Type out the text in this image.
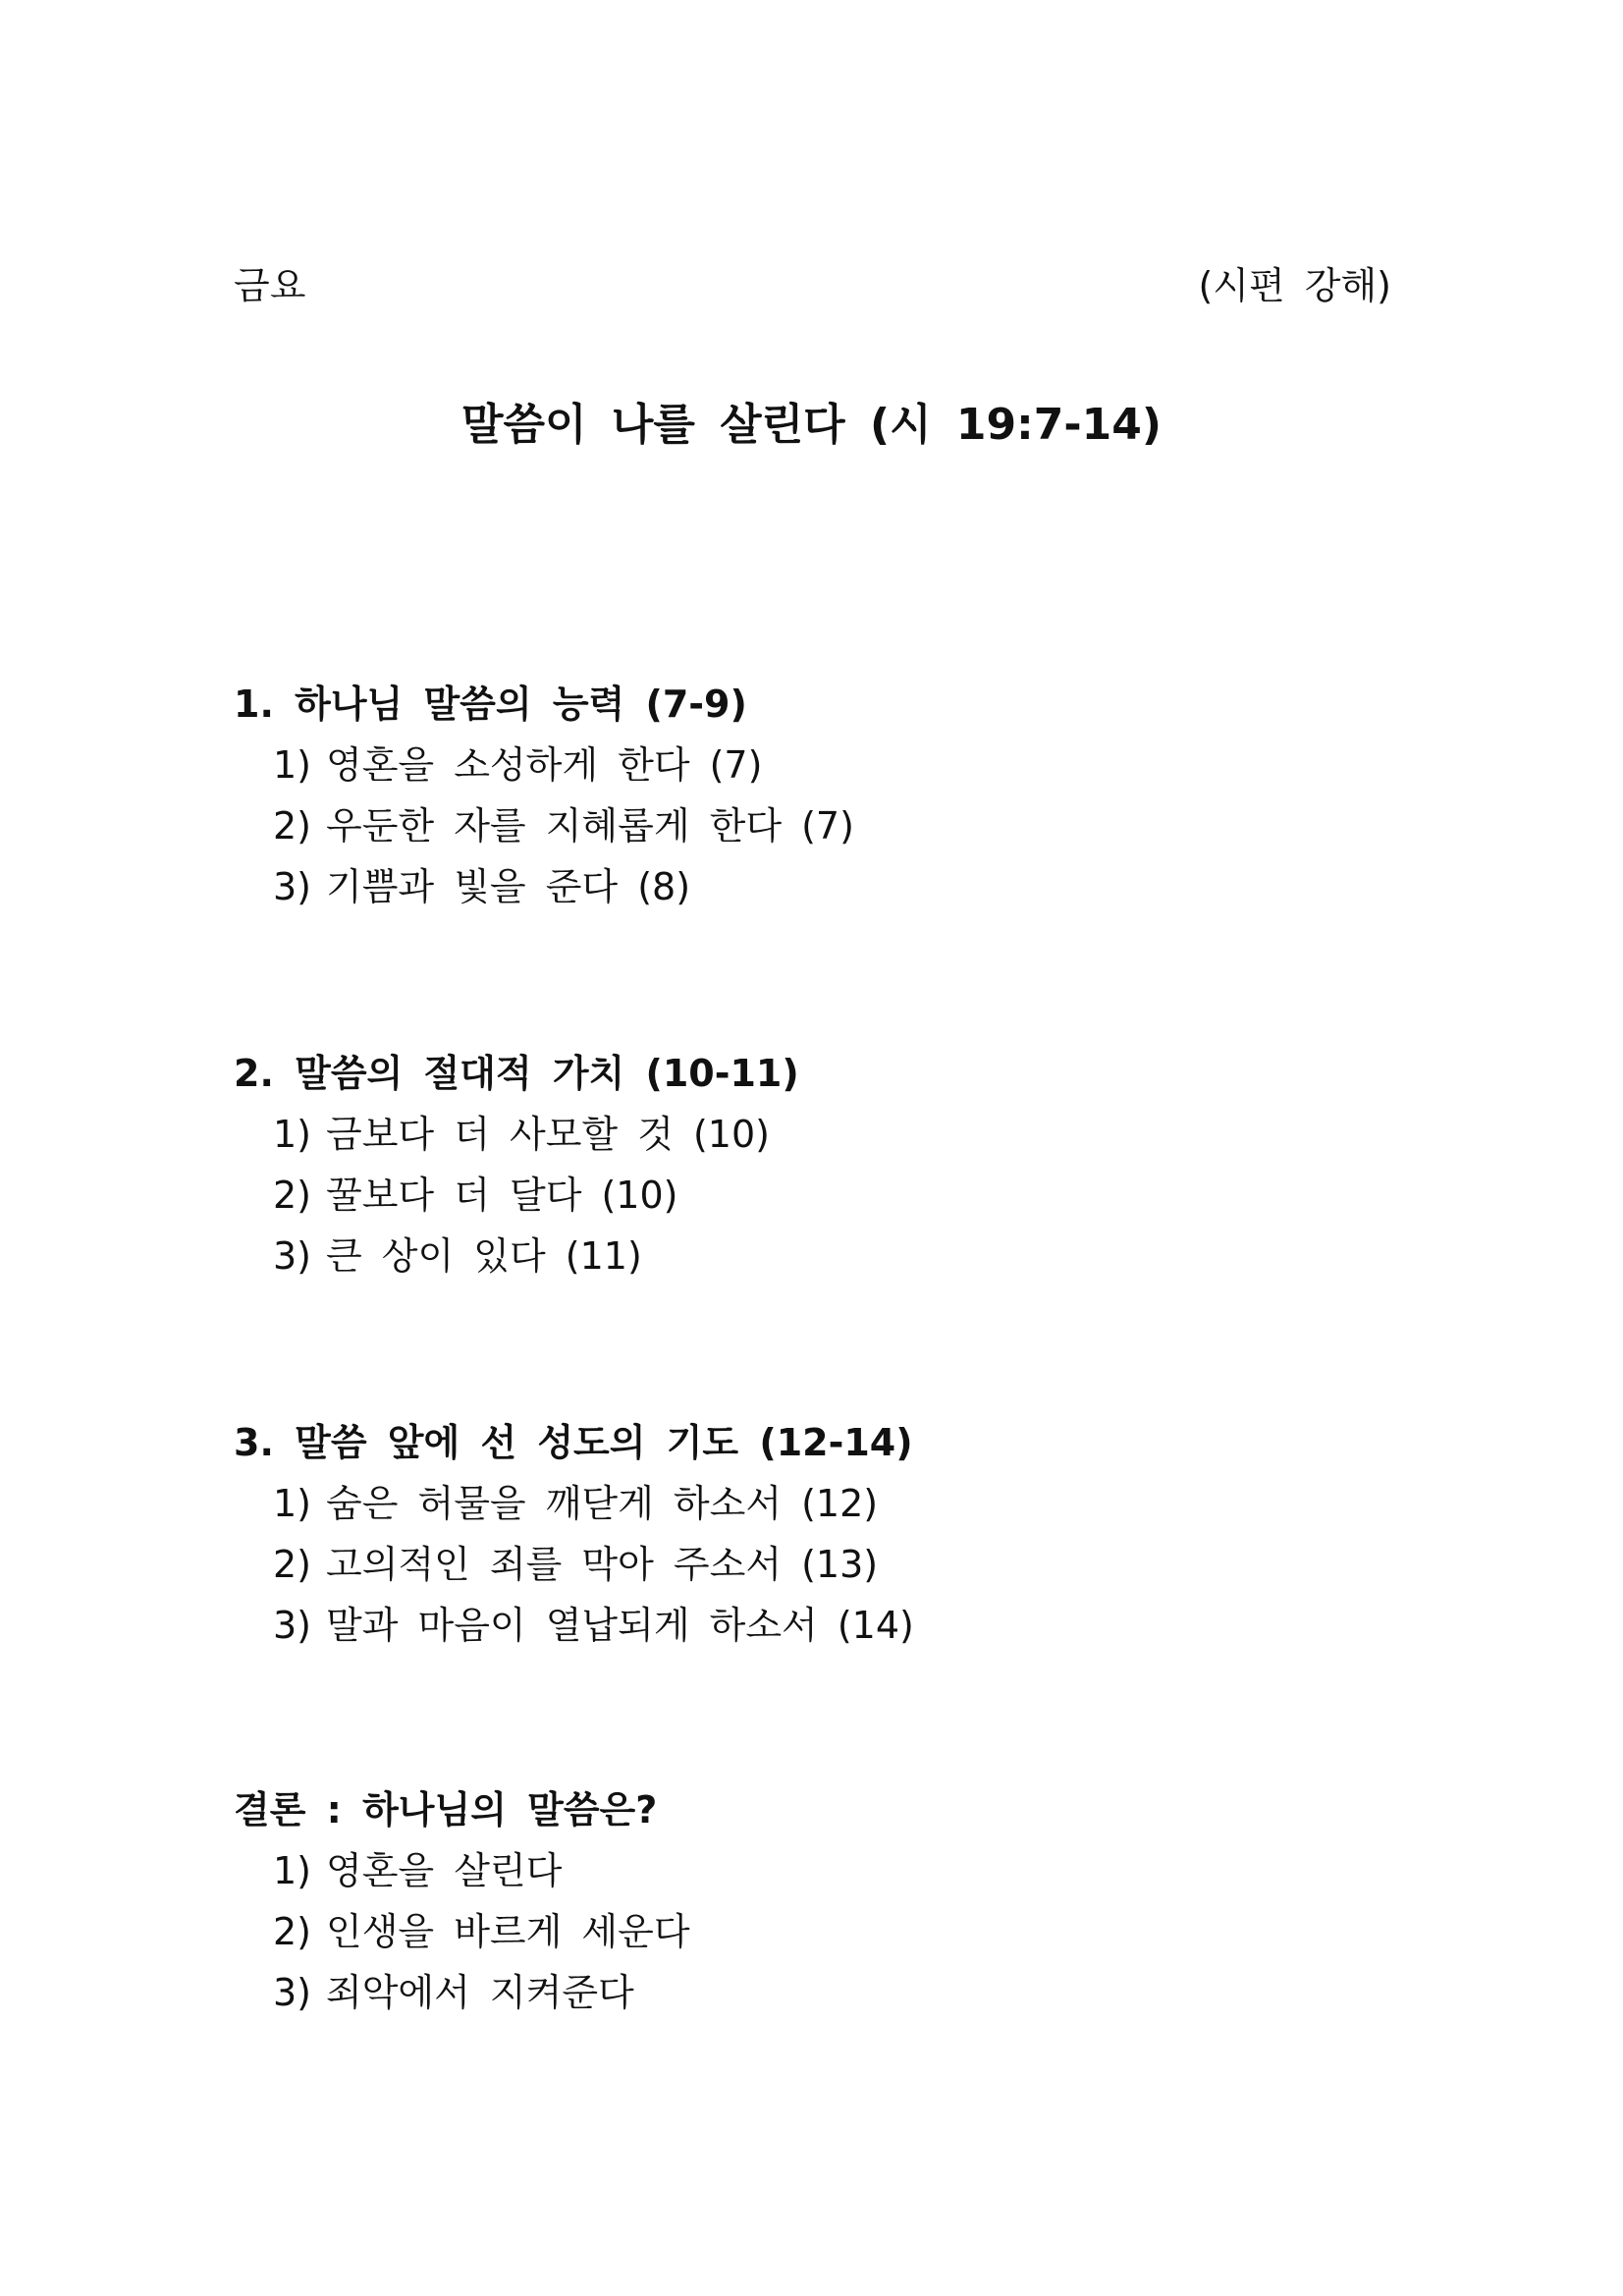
금요	(시편 강해)
말씀이 나를 살린다 (시 19:7-14)
1. 하나님 말씀의 능력 (7-9)
1) 영혼을 소성하게 한다 (7)
2) 우둔한 자를 지혜롭게 한다 (7)
3) 기쁨과 빛을 준다 (8)
2. 말씀의 절대적 가치 (10-11)
1) 금보다 더 사모할 것 (10)
2) 꿀보다 더 달다 (10)
3) 큰 상이 있다 (11)
3. 말씀 앞에 선 성도의 기도 (12-14)
1) 숨은 허물을 깨닫게 하소서 (12)
2) 고의적인 죄를 막아 주소서 (13)
3) 말과 마음이 열납되게 하소서 (14)
결론 : 하나님의 말씀은?
1) 영혼을 살린다
2) 인생을 바르게 세운다
3) 죄악에서 지켜준다
